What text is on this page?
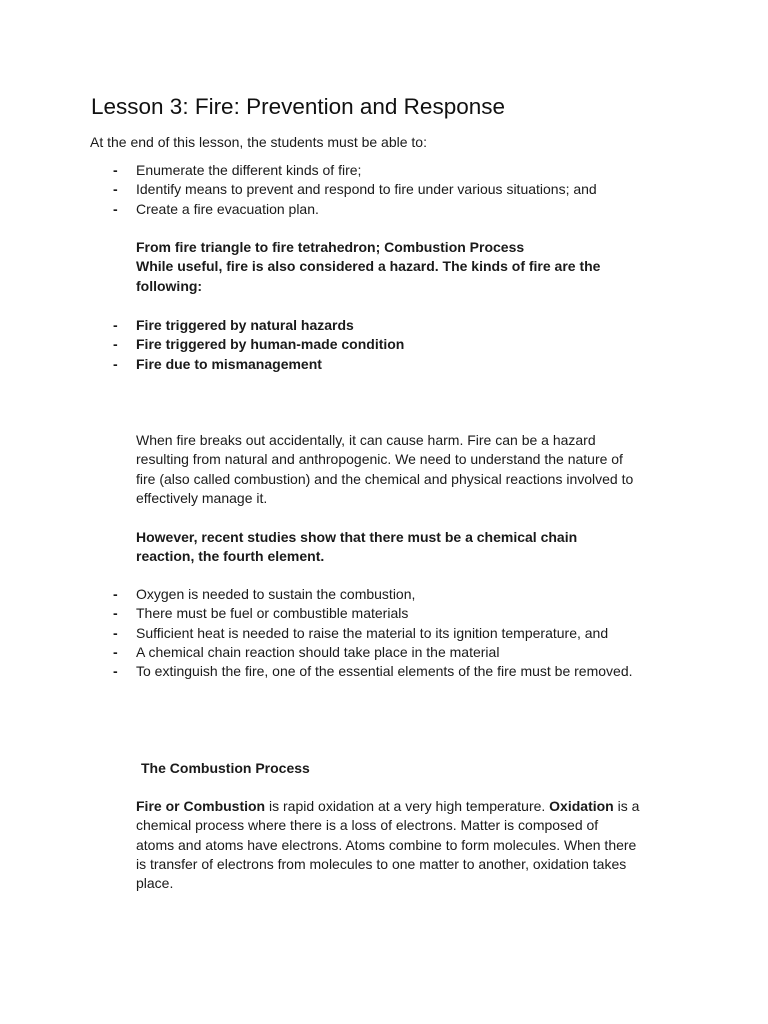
Lesson 3: Fire: Prevention and Response
At the end of this lesson, the students must be able to:
- Enumerate the different kinds of fire;
- Identify means to prevent and respond to fire under various situations; and
- Create a fire evacuation plan.
From fire triangle to fire tetrahedron; Combustion Process
While useful, fire is also considered a hazard. The kinds of fire are the
following:
- Fire triggered by natural hazards
- Fire triggered by human-made condition
- Fire due to mismanagement
When fire breaks out accidentally, it can cause harm. Fire can be a hazard
resulting from natural and anthropogenic. We need to understand the nature of
fire (also called combustion) and the chemical and physical reactions involved to
effectively manage it.
However, recent studies show that there must be a chemical chain
reaction, the fourth element.
- Oxygen is needed to sustain the combustion,
- There must be fuel or combustible materials
- Sufficient heat is needed to raise the material to its ignition temperature, and
- A chemical chain reaction should take place in the material
- To extinguish the fire, one of the essential elements of the fire must be removed.
The Combustion Process
Fire or Combustion is rapid oxidation at a very high temperature. Oxidation is a
chemical process where there is a loss of electrons. Matter is composed of
atoms and atoms have electrons. Atoms combine to form molecules. When there
is transfer of electrons from molecules to one matter to another, oxidation takes
place.
